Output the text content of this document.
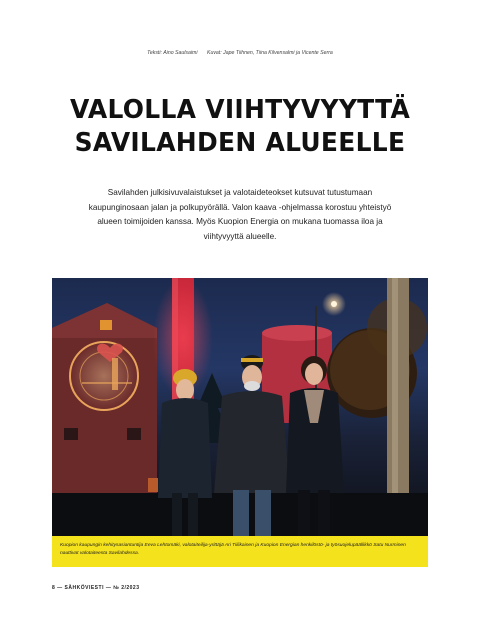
Teksti: Aino Saulsaimi Kuvat: Jape Tiihnen, Tiina Kilvensalmi ja Vicente Serra
VALOLLA VIIHTYVYYTTÄ
SAVILAHDEN ALUEELLE

Savilahden julkisivuvalaistukset ja valotaideteokset kutsuvat tutustumaan kaupunginosaan jalan ja polkupyörällä. Valon kaava -ohjelmassa korostuu yhteistyö alueen toimijoiden kanssa. Myös Kuopion Energia on mukana tuomassa iloa ja viihtyvyyttä alueelle.

Kuopion kaupungin kehitysasiantuntija Eeva Lehtomäki, valotaiteilija-yrittäjä Ari Tiilikainen ja Kuopion Energian henkilöstö- ja työsuojelupäällikkö Satu Nurminen nauttivat valotaiteesta Savilahdessa.
8 — SÄHKÖVIESTI — № 2/2023
